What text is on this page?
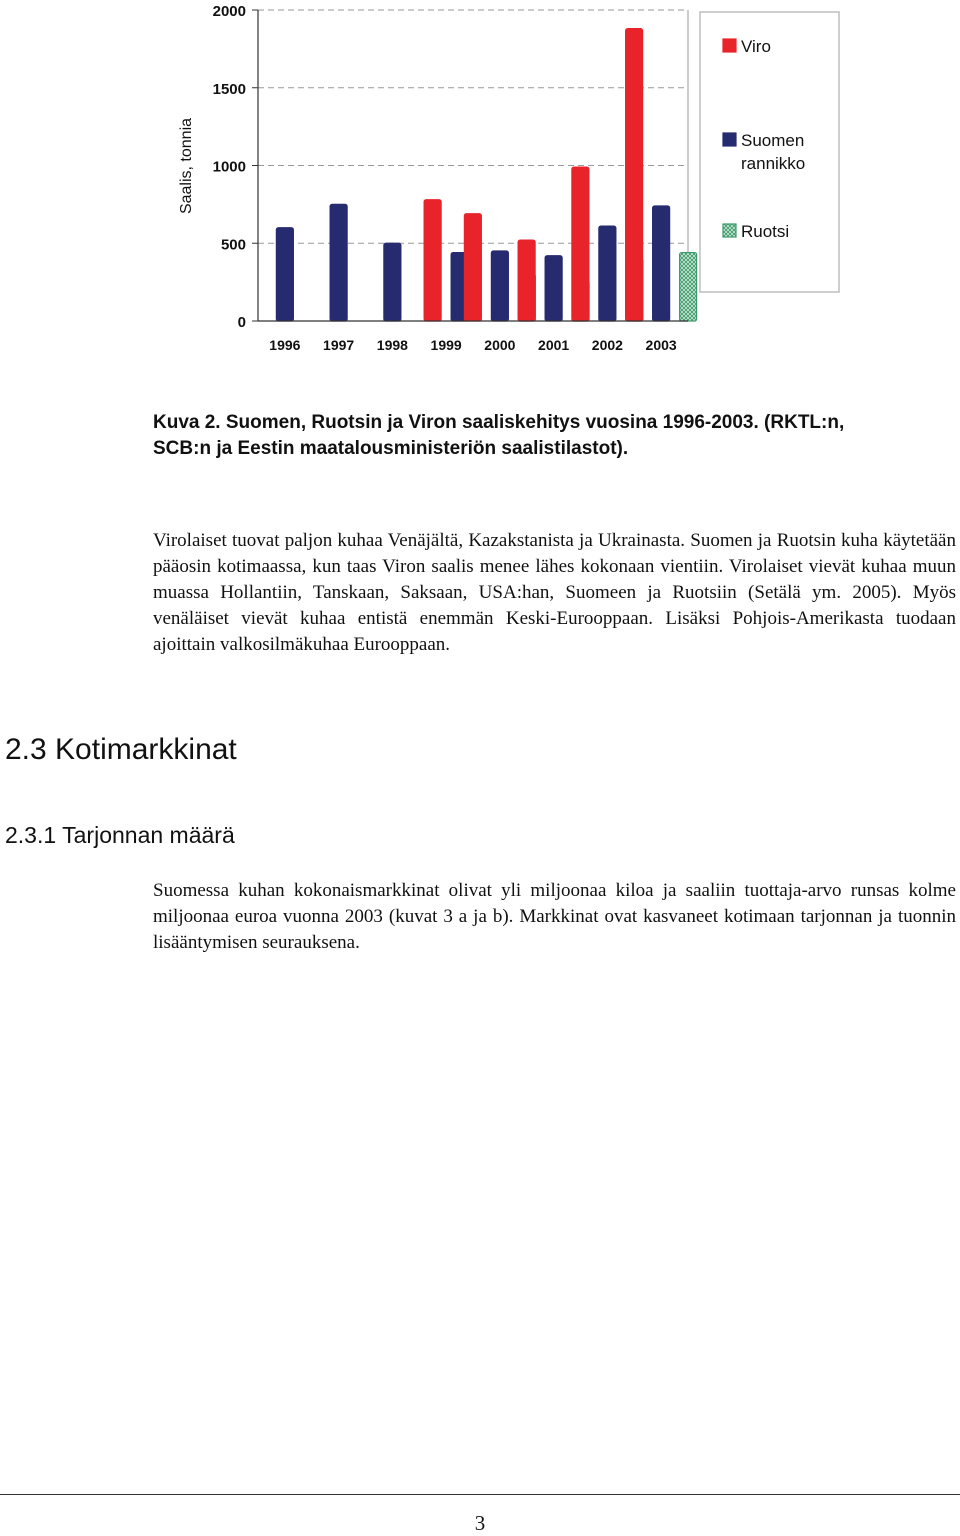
0
500
1000
1500
2000
1996 1997 1998 1999 2000 2001 2002 2003
Saalis, tonnia
Viro
Suomen
rannikko
Ruotsi
Kuva 2. Suomen, Ruotsin ja Viron saaliskehitys vuosina 1996-2003. (RKTL:n,
SCB:n ja Eestin maatalousministeriön saalistilastot).
Virolaiset tuovat paljon kuhaa Venäjältä, Kazakstanista ja Ukrainasta. Suomen ja Ruotsin kuha käytetään pääosin kotimaassa, kun taas Viron saalis menee lähes kokonaan vientiin. Virolaiset vievät kuhaa muun muassa Hollantiin, Tanskaan, Saksaan, USA:han, Suomeen ja Ruotsiin (Setälä ym. 2005). Myös venäläiset vievät kuhaa entistä enemmän Keski-Eurooppaan. Lisäksi Pohjois-Amerikasta tuodaan ajoittain valkosilmäkuhaa Eurooppaan.
2.3 Kotimarkkinat
2.3.1 Tarjonnan määrä
Suomessa kuhan kokonaismarkkinat olivat yli miljoonaa kiloa ja saaliin tuottaja-arvo runsas kolme miljoonaa euroa vuonna 2003 (kuvat 3 a ja b). Markkinat ovat kasvaneet kotimaan tarjonnan ja tuonnin lisääntymisen seurauksena.
3
